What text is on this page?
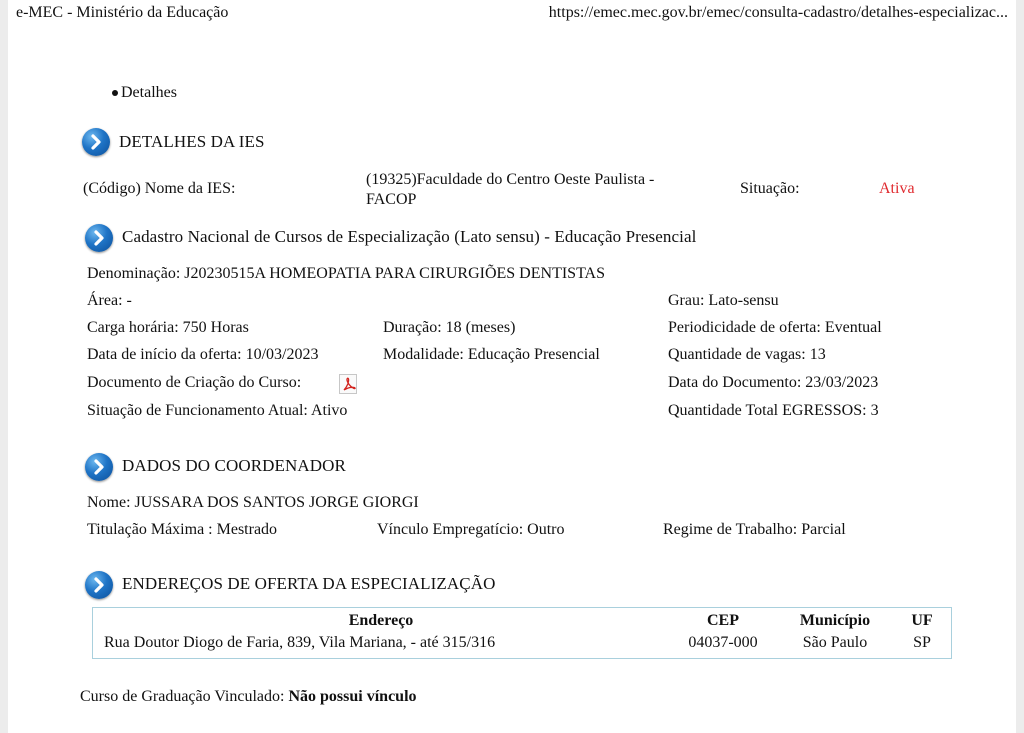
e-MEC - Ministério da Educação	https://emec.mec.gov.br/emec/consulta-cadastro/detalhes-especializac...
Detalhes
DETALHES DA IES
(Código) Nome da IES:
(19325)Faculdade do Centro Oeste Paulista -
FACOP
Situação:	Ativa
Cadastro Nacional de Cursos de Especialização (Lato sensu) - Educação Presencial
Denominação: J20230515A HOMEOPATIA PARA CIRURGIÕES DENTISTAS
Área: -	Grau: Lato-sensu
Carga horária: 750 Horas	Duração: 18 (meses)	Periodicidade de oferta: Eventual
Data de início da oferta: 10/03/2023	Modalidade: Educação Presencial	Quantidade de vagas: 13
Documento de Criação do Curso:	Data do Documento: 23/03/2023
Situação de Funcionamento Atual: Ativo	Quantidade Total EGRESSOS: 3
DADOS DO COORDENADOR
Nome: JUSSARA DOS SANTOS JORGE GIORGI
Titulação Máxima : Mestrado	Vínculo Empregatício: Outro	Regime de Trabalho: Parcial
ENDEREÇOS DE OFERTA DA ESPECIALIZAÇÃO
Endereço	CEP	Município	UF
Rua Doutor Diogo de Faria, 839, Vila Mariana, - até 315/316	04037-000	São Paulo	SP
Curso de Graduação Vinculado: Não possui vínculo
